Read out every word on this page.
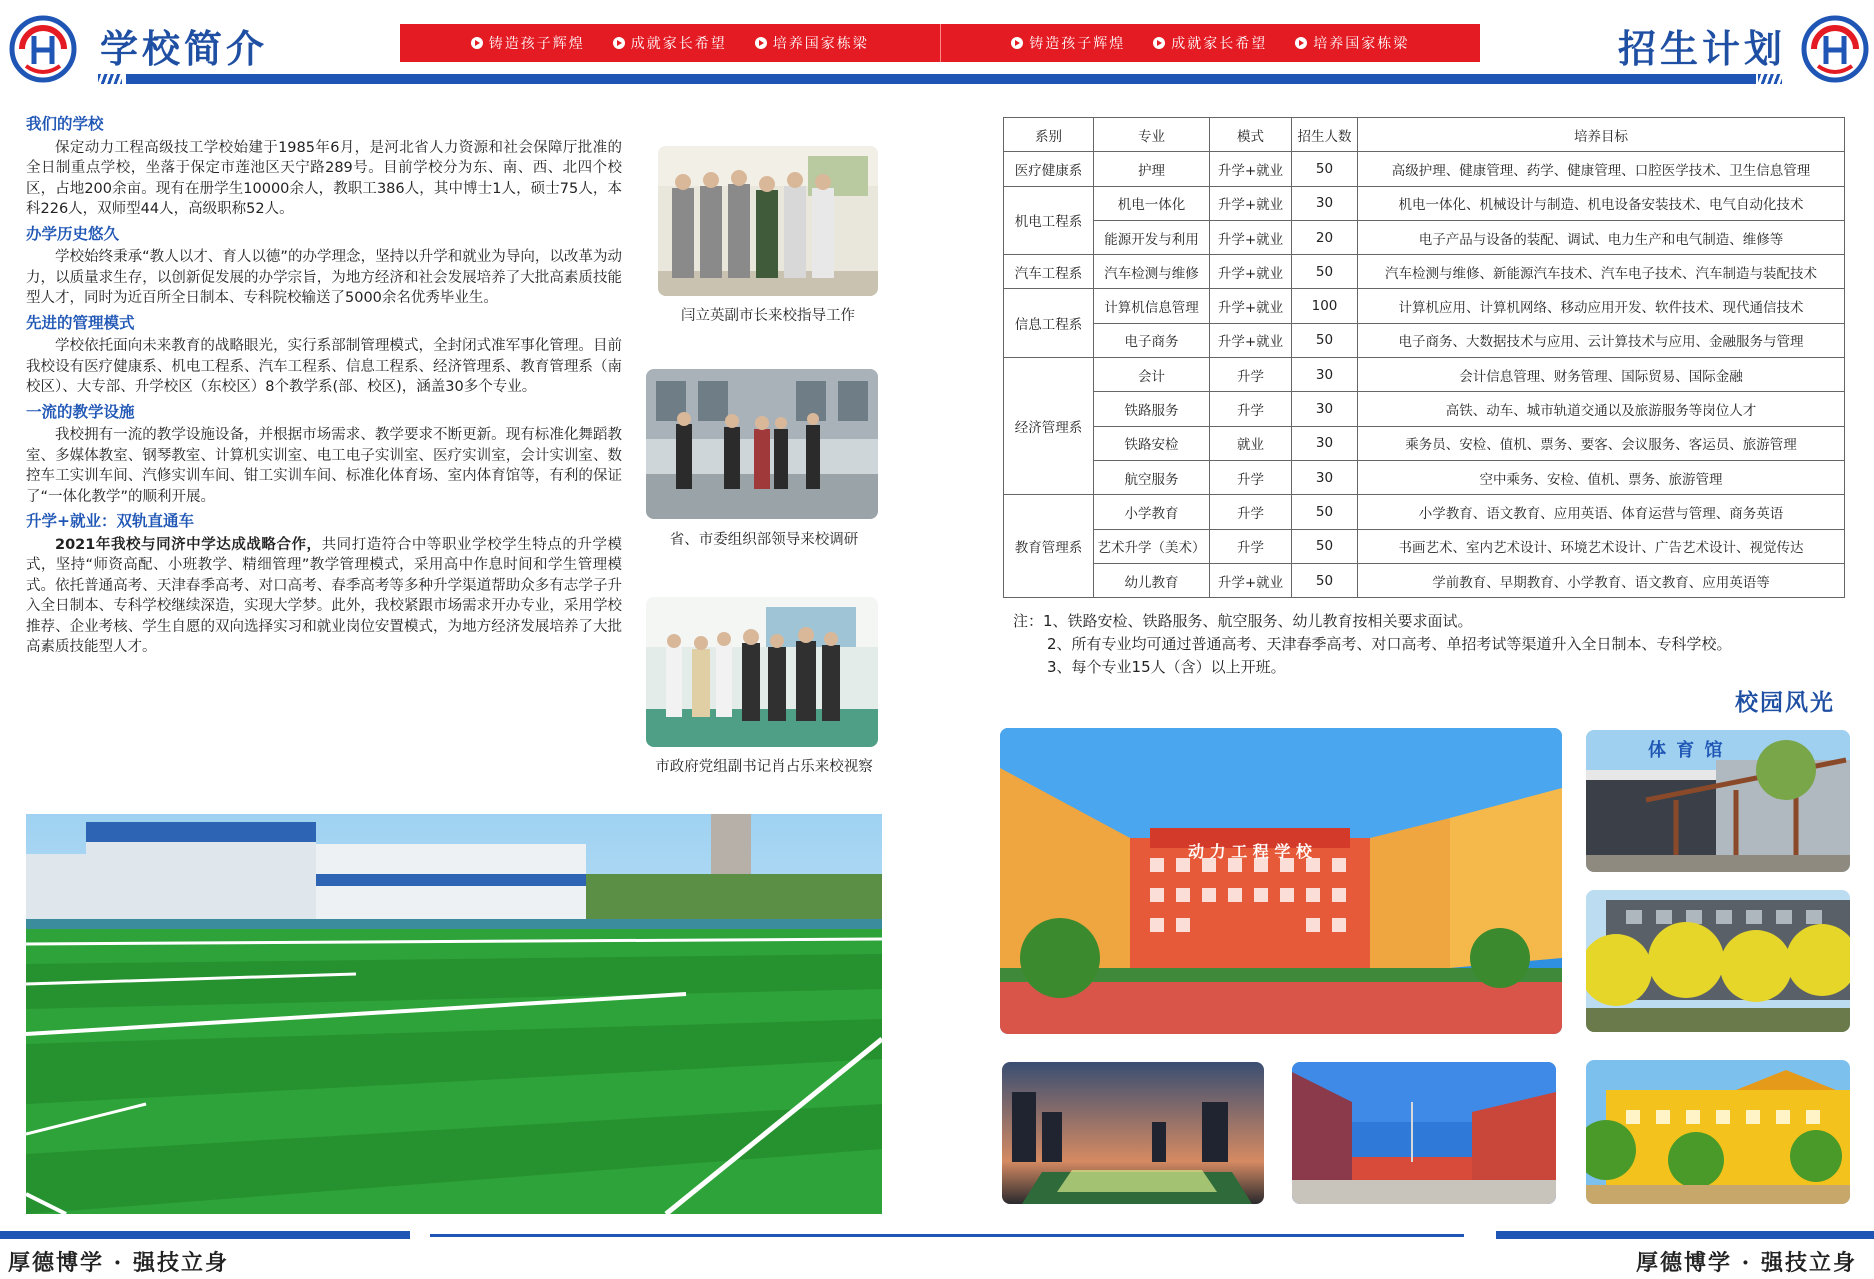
学校简介	铸造孩子辉煌	成就家长希望	培养国家栋梁	铸造孩子辉煌	成就家长希望	培养国家栋梁	招生计划
我们的学校
保定动力工程高级技工学校始建于1985年6月，是河北省人力资源和社会保障厅批准的全日制重点学校，坐落于保定市莲池区天宁路289号。目前学校分为东、南、西、北四个校区，占地200余亩。现有在册学生10000余人，教职工386人，其中博士1人，硕士75人，本科226人，双师型44人，高级职称52人。
办学历史悠久
学校始终秉承“教人以才、育人以德”的办学理念，坚持以升学和就业为导向，以改革为动力，以质量求生存，以创新促发展的办学宗旨，为地方经济和社会发展培养了大批高素质技能型人才，同时为近百所全日制本、专科院校输送了5000余名优秀毕业生。
先进的管理模式
学校依托面向未来教育的战略眼光，实行系部制管理模式，全封闭式准军事化管理。目前我校设有医疗健康系、机电工程系、汽车工程系、信息工程系、经济管理系、教育管理系（南校区）、大专部、升学校区（东校区）8个教学系(部、校区)，涵盖30多个专业。
一流的教学设施
我校拥有一流的教学设施设备，并根据市场需求、教学要求不断更新。现有标准化舞蹈教室、多媒体教室、钢琴教室、计算机实训室、电工电子实训室、医疗实训室，会计实训室、数控车工实训车间、汽修实训车间、钳工实训车间、标准化体育场、室内体育馆等，有利的保证了“一体化教学”的顺利开展。
升学+就业：双轨直通车
2021年我校与同济中学达成战略合作，共同打造符合中等职业学校学生特点的升学模式，坚持“师资高配、小班教学、精细管理”教学管理模式，采用高中作息时间和学生管理模式。依托普通高考、天津春季高考、对口高考、春季高考等多种升学渠道帮助众多有志学子升入全日制本、专科学校继续深造，实现大学梦。此外，我校紧跟市场需求开办专业，采用学校推荐、企业考核、学生自愿的双向选择实习和就业岗位安置模式，为地方经济发展培养了大批高素质技能型人才。
闫立英副市长来校指导工作
省、市委组织部领导来校调研
市政府党组副书记肖占乐来校视察
系别	专业	模式	招生人数	培养目标
医疗健康系	护理	升学+就业	50	高级护理、健康管理、药学、健康管理、口腔医学技术、卫生信息管理
机电工程系	机电一体化	升学+就业	30	机电一体化、机械设计与制造、机电设备安装技术、电气自动化技术
	能源开发与利用	升学+就业	20	电子产品与设备的装配、调试、电力生产和电气制造、维修等
汽车工程系	汽车检测与维修	升学+就业	50	汽车检测与维修、新能源汽车技术、汽车电子技术、汽车制造与装配技术
信息工程系	计算机信息管理	升学+就业	100	计算机应用、计算机网络、移动应用开发、软件技术、现代通信技术
	电子商务	升学+就业	50	电子商务、大数据技术与应用、云计算技术与应用、金融服务与管理
经济管理系	会计	升学	30	会计信息管理、财务管理、国际贸易、国际金融
	铁路服务	升学	30	高铁、动车、城市轨道交通以及旅游服务等岗位人才
	铁路安检	就业	30	乘务员、安检、值机、票务、要客、会议服务、客运员、旅游管理
	航空服务	升学	30	空中乘务、安检、值机、票务、旅游管理
教育管理系	小学教育	升学	50	小学教育、语文教育、应用英语、体育运营与管理、商务英语
	艺术升学（美术）	升学	50	书画艺术、室内艺术设计、环境艺术设计、广告艺术设计、视觉传达
	幼儿教育	升学+就业	50	学前教育、早期教育、小学教育、语文教育、应用英语等
注：1、铁路安检、铁路服务、航空服务、幼儿教育按相关要求面试。
2、所有专业均可通过普通高考、天津春季高考、对口高考、单招考试等渠道升入全日制本、专科学校。
3、每个专业15人（含）以上开班。
校园风光
动 力 工 程 学 校
体 育 馆
厚德博学 · 强技立身	厚德博学 · 强技立身
